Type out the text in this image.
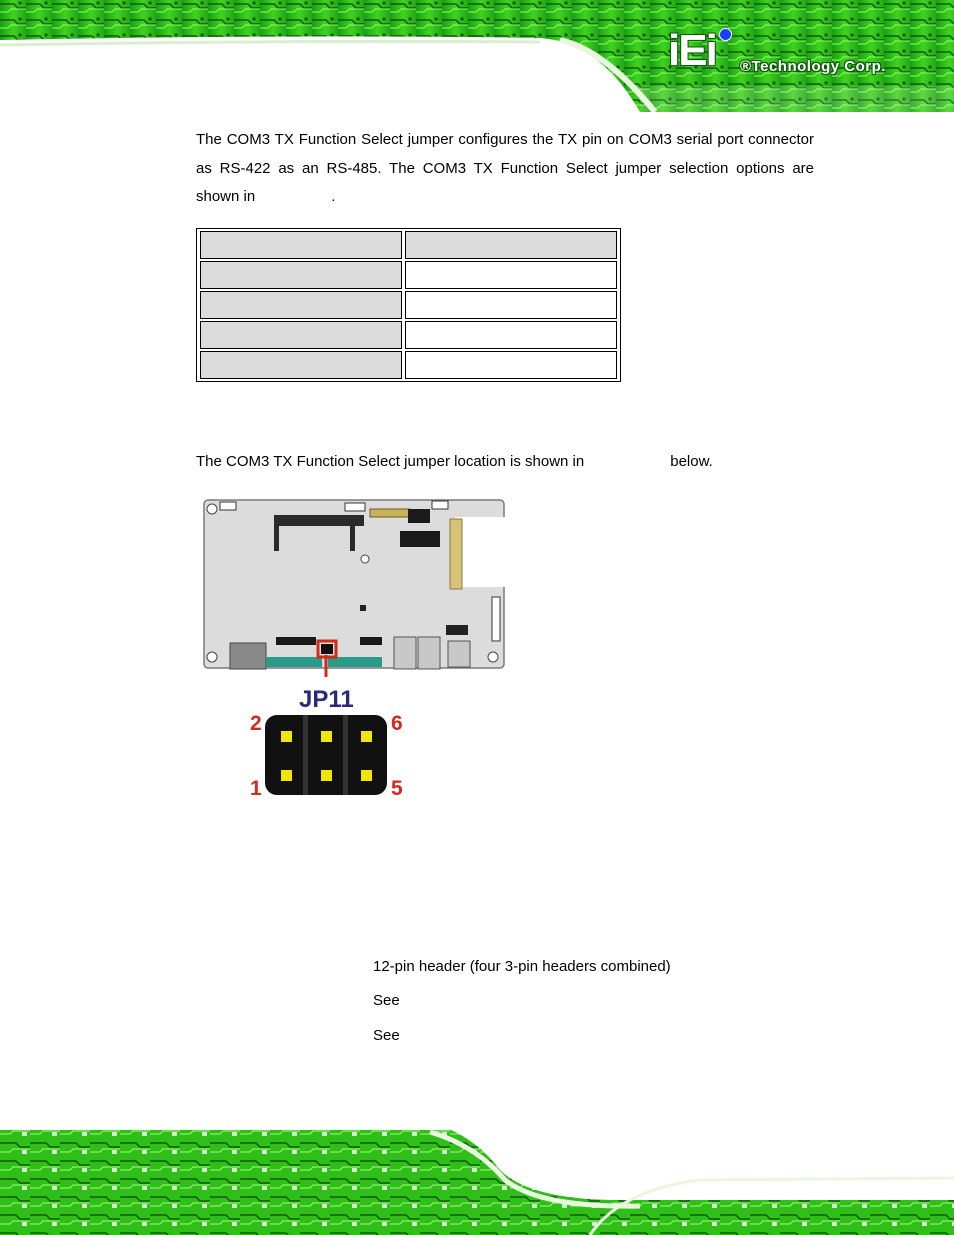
iEi ®Technology Corp.

The COM3 TX Function Select jumper configures the TX pin on COM3 serial port connector as RS-422 as an RS-485. The COM3 TX Function Select jumper selection options are shown in	.

The COM3 TX Function Select jumper location is shown in	below.

JP11
2	6
1	5
12-pin header (four 3-pin headers combined)
See
See
